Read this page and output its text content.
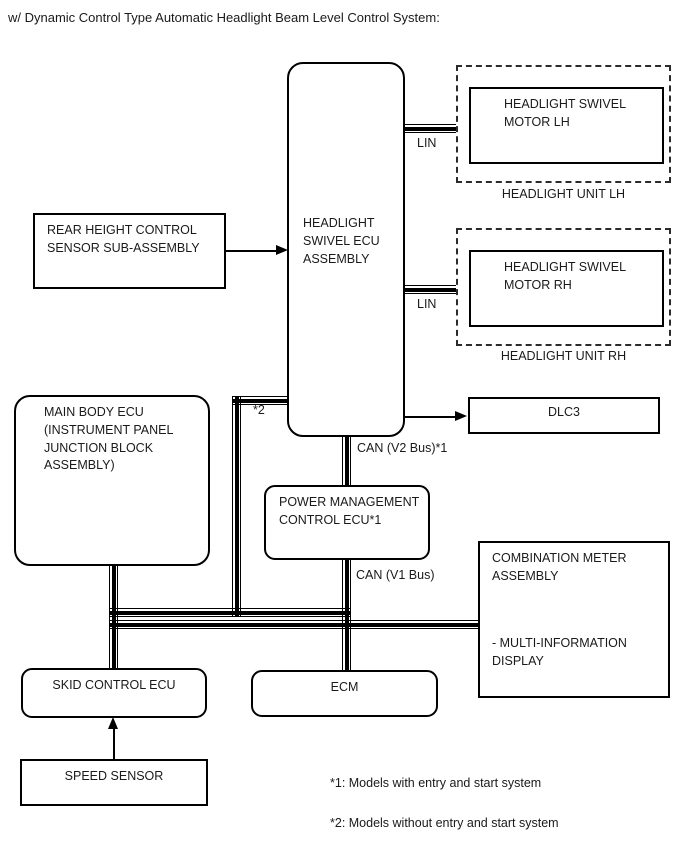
w/ Dynamic Control Type Automatic Headlight Beam Level Control System:
HEADLIGHT SWIVEL ECU ASSEMBLY
HEADLIGHT SWIVEL MOTOR LH
HEADLIGHT UNIT LH
HEADLIGHT SWIVEL MOTOR RH
HEADLIGHT UNIT RH
REAR HEIGHT CONTROL SENSOR SUB-ASSEMBLY
DLC3
MAIN BODY ECU (INSTRUMENT PANEL JUNCTION BLOCK ASSEMBLY)
POWER MANAGEMENT CONTROL ECU*1
COMBINATION METER ASSEMBLY
- MULTI-INFORMATION DISPLAY
SKID CONTROL ECU	ECM
SPEED SENSOR
LIN
LIN
*2
CAN (V2 Bus)*1
CAN (V1 Bus)
*1: Models with entry and start system
*2: Models without entry and start system
